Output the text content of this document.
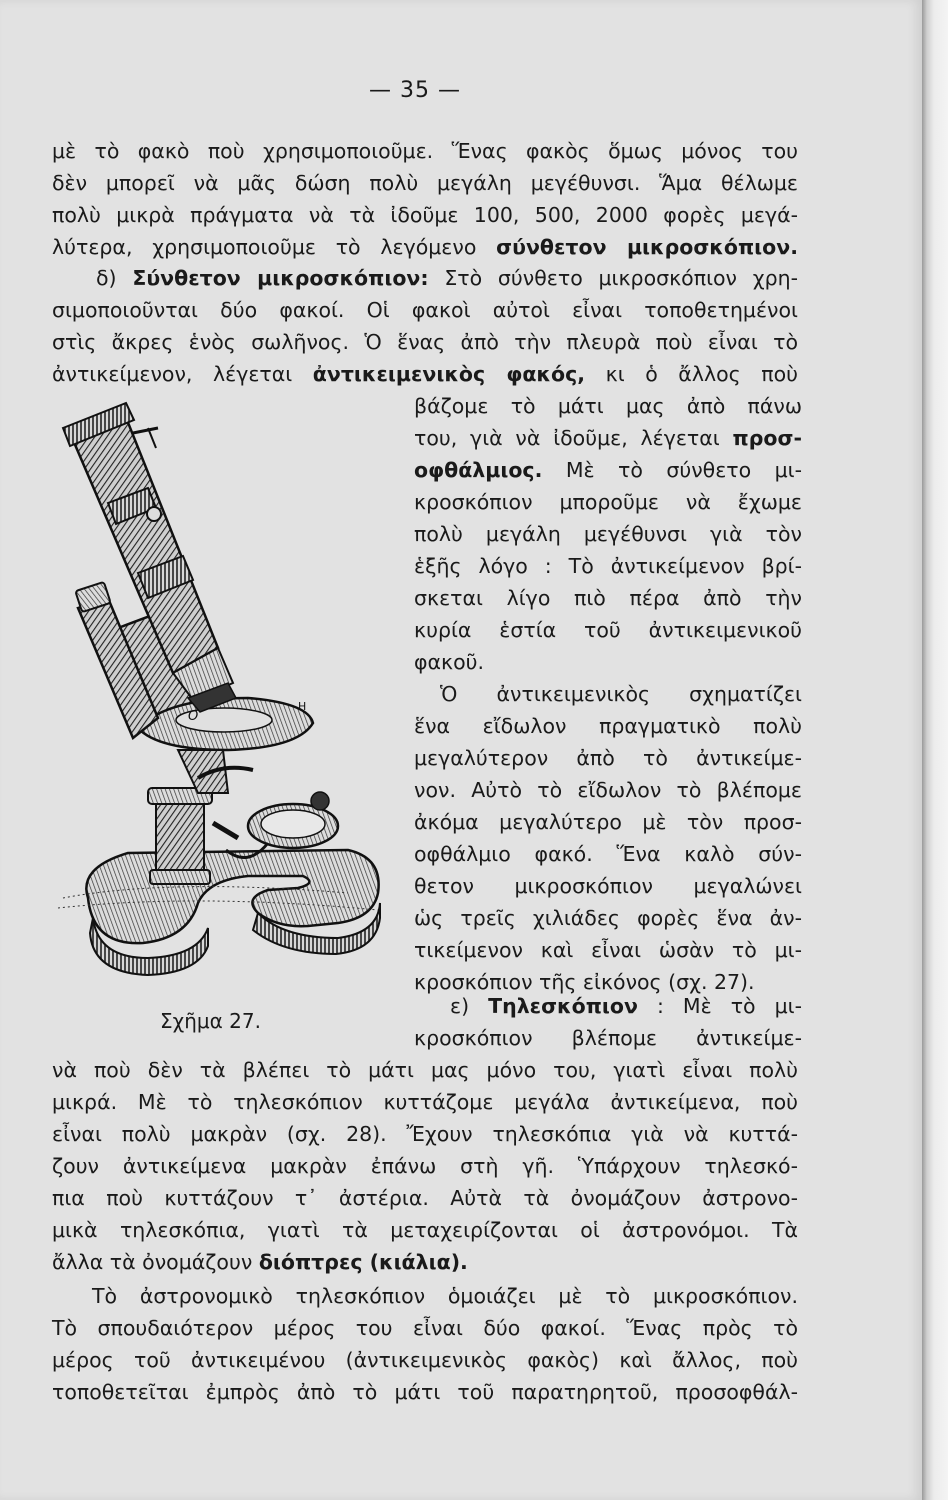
— 35 —
μὲ τὸ φακὸ ποὺ χρησιμοποιοῦμε. Ἕνας φακὸς ὅμως μόνος του
δὲν μπορεῖ νὰ μᾶς δώση πολὺ μεγάλη μεγέθυνσι. Ἅμα θέλωμε
πολὺ μικρὰ πράγματα νὰ τὰ ἰδοῦμε 100, 500, 2000 φορὲς μεγά-
λύτερα, χρησιμοποιοῦμε τὸ λεγόμενο σύνθετον μικροσκόπιον.
δ) Σύνθετον μικροσκόπιον: Στὸ σύνθετο μικροσκόπιον χρη-
σιμοποιοῦνται δύο φακοί. Οἱ φακοὶ αὐτοὶ εἶναι τοποθετημένοι
στὶς ἄκρες ἑνὸς σωλῆνος. Ὁ ἕνας ἀπὸ τὴν πλευρὰ ποὺ εἶναι τὸ
ἀντικείμενον, λέγεται ἀντικειμενικὸς φακός, κι ὁ ἄλλος ποὺ
βάζομε τὸ μάτι μας ἀπὸ πάνω
του, γιὰ νὰ ἰδοῦμε, λέγεται προσ-
οφθάλμιος. Μὲ τὸ σύνθετο μι-
κροσκόπιον μποροῦμε νὰ ἔχωμε
πολὺ μεγάλη μεγέθυνσι γιὰ τὸν
ἑξῆς λόγο : Τὸ ἀντικείμενον βρί-
σκεται λίγο πιὸ πέρα ἀπὸ τὴν
κυρία ἑστία τοῦ ἀντικειμενικοῦ
φακοῦ.
Ὁ ἀντικειμενικὸς σχηματίζει
ἕνα εἴδωλον πραγματικὸ πολὺ
μεγαλύτερον ἀπὸ τὸ ἀντικείμε-
νον. Αὐτὸ τὸ εἴδωλον τὸ βλέπομε
ἀκόμα μεγαλύτερο μὲ τὸν προσ-
οφθάλμιο φακό. Ἕνα καλὸ σύν-
θετον μικροσκόπιον μεγαλώνει
ὡς τρεῖς χιλιάδες φορὲς ἕνα ἀν-
τικείμενον καὶ εἶναι ὡσὰν τὸ μι-
κροσκόπιον τῆς εἰκόνος (σχ. 27).
ε) Τηλεσκόπιον : Μὲ τὸ μι-
κροσκόπιον βλέπομε ἀντικείμε-
O
H
Σχῆμα 27.
νὰ ποὺ δὲν τὰ βλέπει τὸ μάτι μας μόνο του, γιατὶ εἶναι πολὺ
μικρά. Μὲ τὸ τηλεσκόπιον κυττάζομε μεγάλα ἀντικείμενα, ποὺ
εἶναι πολὺ μακρὰν (σχ. 28). Ἔχουν τηλεσκόπια γιὰ νὰ κυττά-
ζουν ἀντικείμενα μακρὰν ἐπάνω στὴ γῆ. Ὑπάρχουν τηλεσκό-
πια ποὺ κυττάζουν τ᾽ ἀστέρια. Αὐτὰ τὰ ὀνομάζουν ἀστρονο-
μικὰ τηλεσκόπια, γιατὶ τὰ μεταχειρίζονται οἱ ἀστρονόμοι. Τὰ
ἄλλα τὰ ὀνομάζουν διόπτρες (κιάλια).
Τὸ ἀστρονομικὸ τηλεσκόπιον ὁμοιάζει μὲ τὸ μικροσκόπιον.
Τὸ σπουδαιότερον μέρος του εἶναι δύο φακοί. Ἕνας πρὸς τὸ
μέρος τοῦ ἀντικειμένου (ἀντικειμενικὸς φακὸς) καὶ ἄλλος, ποὺ
τοποθετεῖται ἐμπρὸς ἀπὸ τὸ μάτι τοῦ παρατηρητοῦ, προσοφθάλ-
